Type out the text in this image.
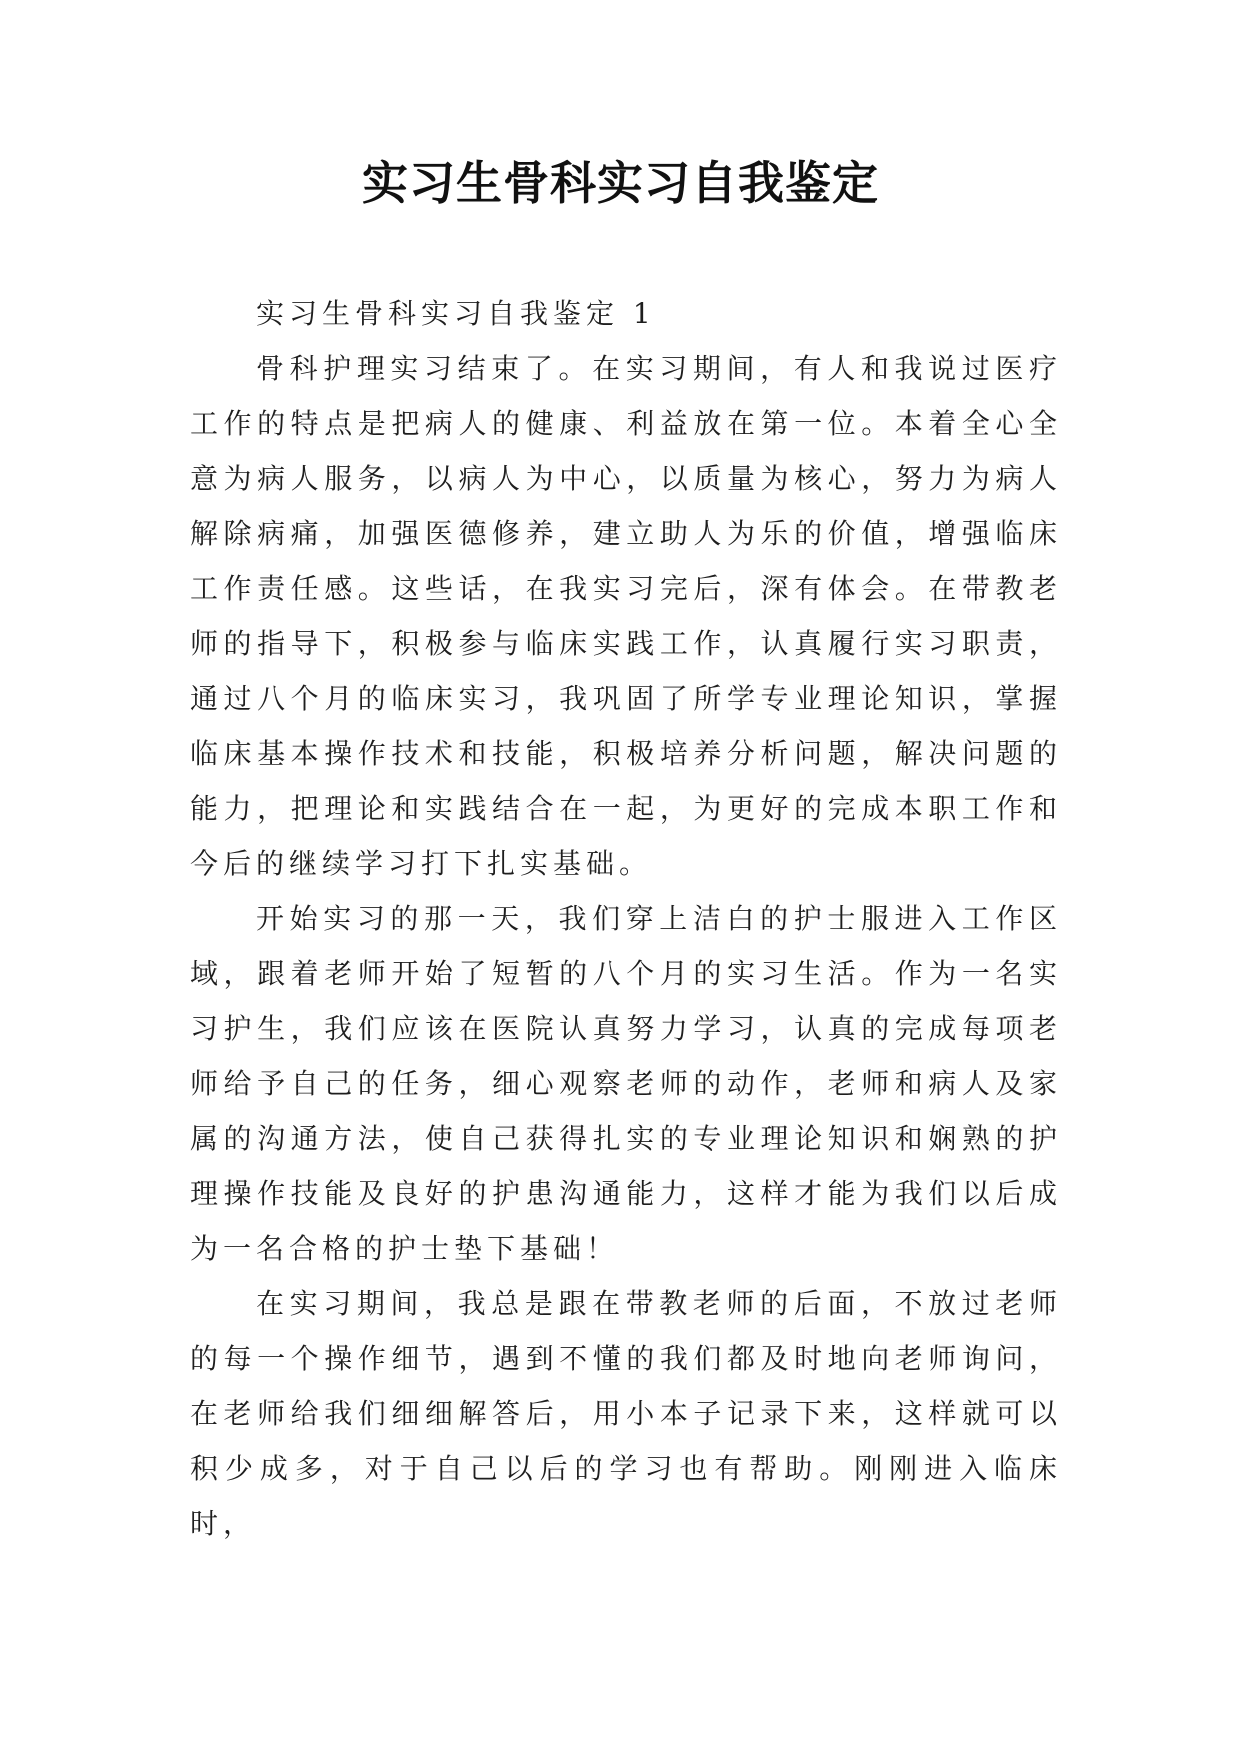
实习生骨科实习自我鉴定

实习生骨科实习自我鉴定 1

骨科护理实习结束了。在实习期间，有人和我说过医疗工作的特点是把病人的健康、利益放在第一位。本着全心全意为病人服务，以病人为中心，以质量为核心，努力为病人解除病痛，加强医德修养，建立助人为乐的价值，增强临床工作责任感。这些话，在我实习完后，深有体会。在带教老师的指导下，积极参与临床实践工作，认真履行实习职责，通过八个月的临床实习，我巩固了所学专业理论知识，掌握临床基本操作技术和技能，积极培养分析问题，解决问题的能力，把理论和实践结合在一起，为更好的完成本职工作和今后的继续学习打下扎实基础。

开始实习的那一天，我们穿上洁白的护士服进入工作区域，跟着老师开始了短暂的八个月的实习生活。作为一名实习护生，我们应该在医院认真努力学习，认真的完成每项老师给予自己的任务，细心观察老师的动作，老师和病人及家属的沟通方法，使自己获得扎实的专业理论知识和娴熟的护理操作技能及良好的护患沟通能力，这样才能为我们以后成为一名合格的护士垫下基础！

在实习期间，我总是跟在带教老师的后面，不放过老师的每一个操作细节，遇到不懂的我们都及时地向老师询问，在老师给我们细细解答后，用小本子记录下来，这样就可以积少成多，对于自己以后的学习也有帮助。刚刚进入临床时，
